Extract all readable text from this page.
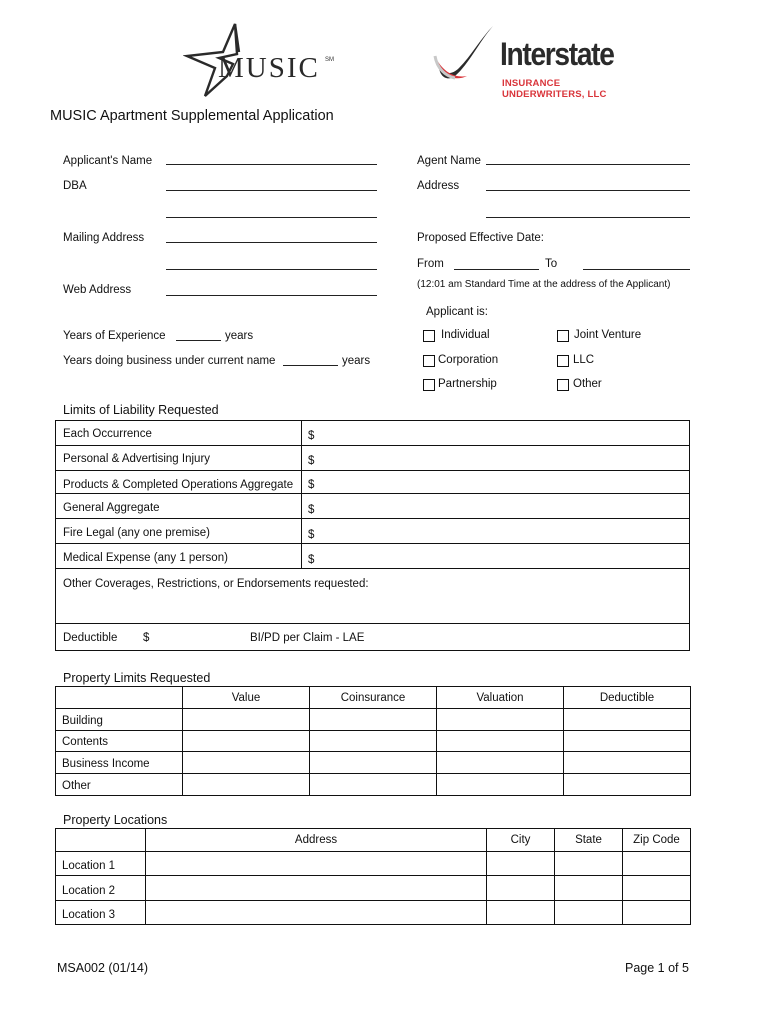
MUSIC SM	Interstate
INSURANCE
UNDERWRITERS, LLC
MUSIC Apartment Supplemental Application
Applicant's Name
DBA
Mailing Address
Web Address
Years of Experience	years
Years doing business under current name	years
Agent Name
Address
Proposed Effective Date:
From	To
(12:01 am Standard Time at the address of the Applicant)
Applicant is:
Individual	Joint Venture
Corporation	LLC
Partnership	Other
Limits of Liability Requested
Each Occurrence	$
Personal & Advertising Injury	$
Products & Completed Operations Aggregate $
General Aggregate	$
Fire Legal (any one premise)	$
Medical Expense (any 1 person)	$
Other Coverages, Restrictions, or Endorsements requested:
Deductible $	BI/PD per Claim - LAE
Property Limits Requested
	Value	Coinsurance	Valuation	Deductible
Building				
Contents				
Business Income				
Other				
Property Locations
	Address	City	State	Zip Code
Location 1				
Location 2				
Location 3				
MSA002 (01/14)	Page 1 of 5
